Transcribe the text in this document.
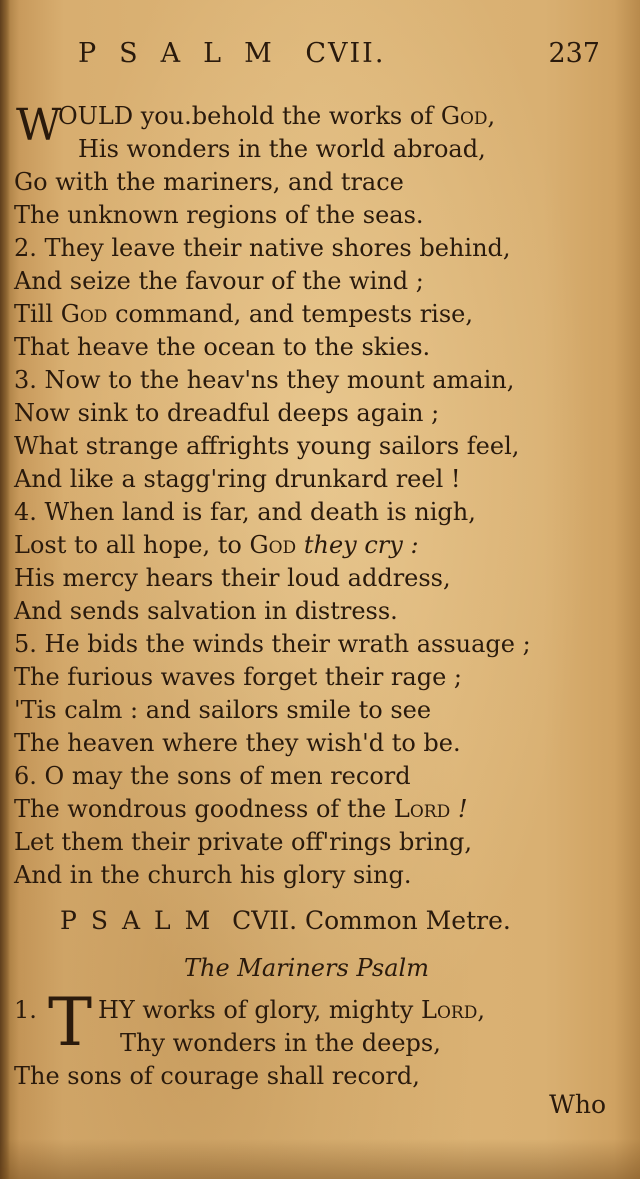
PSALM CVII.	237
W
OULD you.behold the works of God,
His wonders in the world abroad,
Go with the mariners, and trace
The unknown regions of the seas.
2. They leave their native shores behind,
And seize the favour of the wind ;
Till God command, and tempests rise,
That heave the ocean to the skies.
3. Now to the heav'ns they mount amain,
Now sink to dreadful deeps again ;
What strange affrights young sailors feel,
And like a stagg'ring drunkard reel !
4. When land is far, and death is nigh,
Lost to all hope, to God they cry :
His mercy hears their loud address,
And sends salvation in distress.
5. He bids the winds their wrath assuage ;
The furious waves forget their rage ;
'Tis calm : and sailors smile to see
The heaven where they wish'd to be.
6. O may the sons of men record
The wondrous goodness of the Lord !
Let them their private off'rings bring,
And in the church his glory sing.
PSALM CVII. Common Metre.
The Mariners Psalm
1. T HY works of glory, mighty Lord,
Thy wonders in the deeps,
The sons of courage shall record,
Who
